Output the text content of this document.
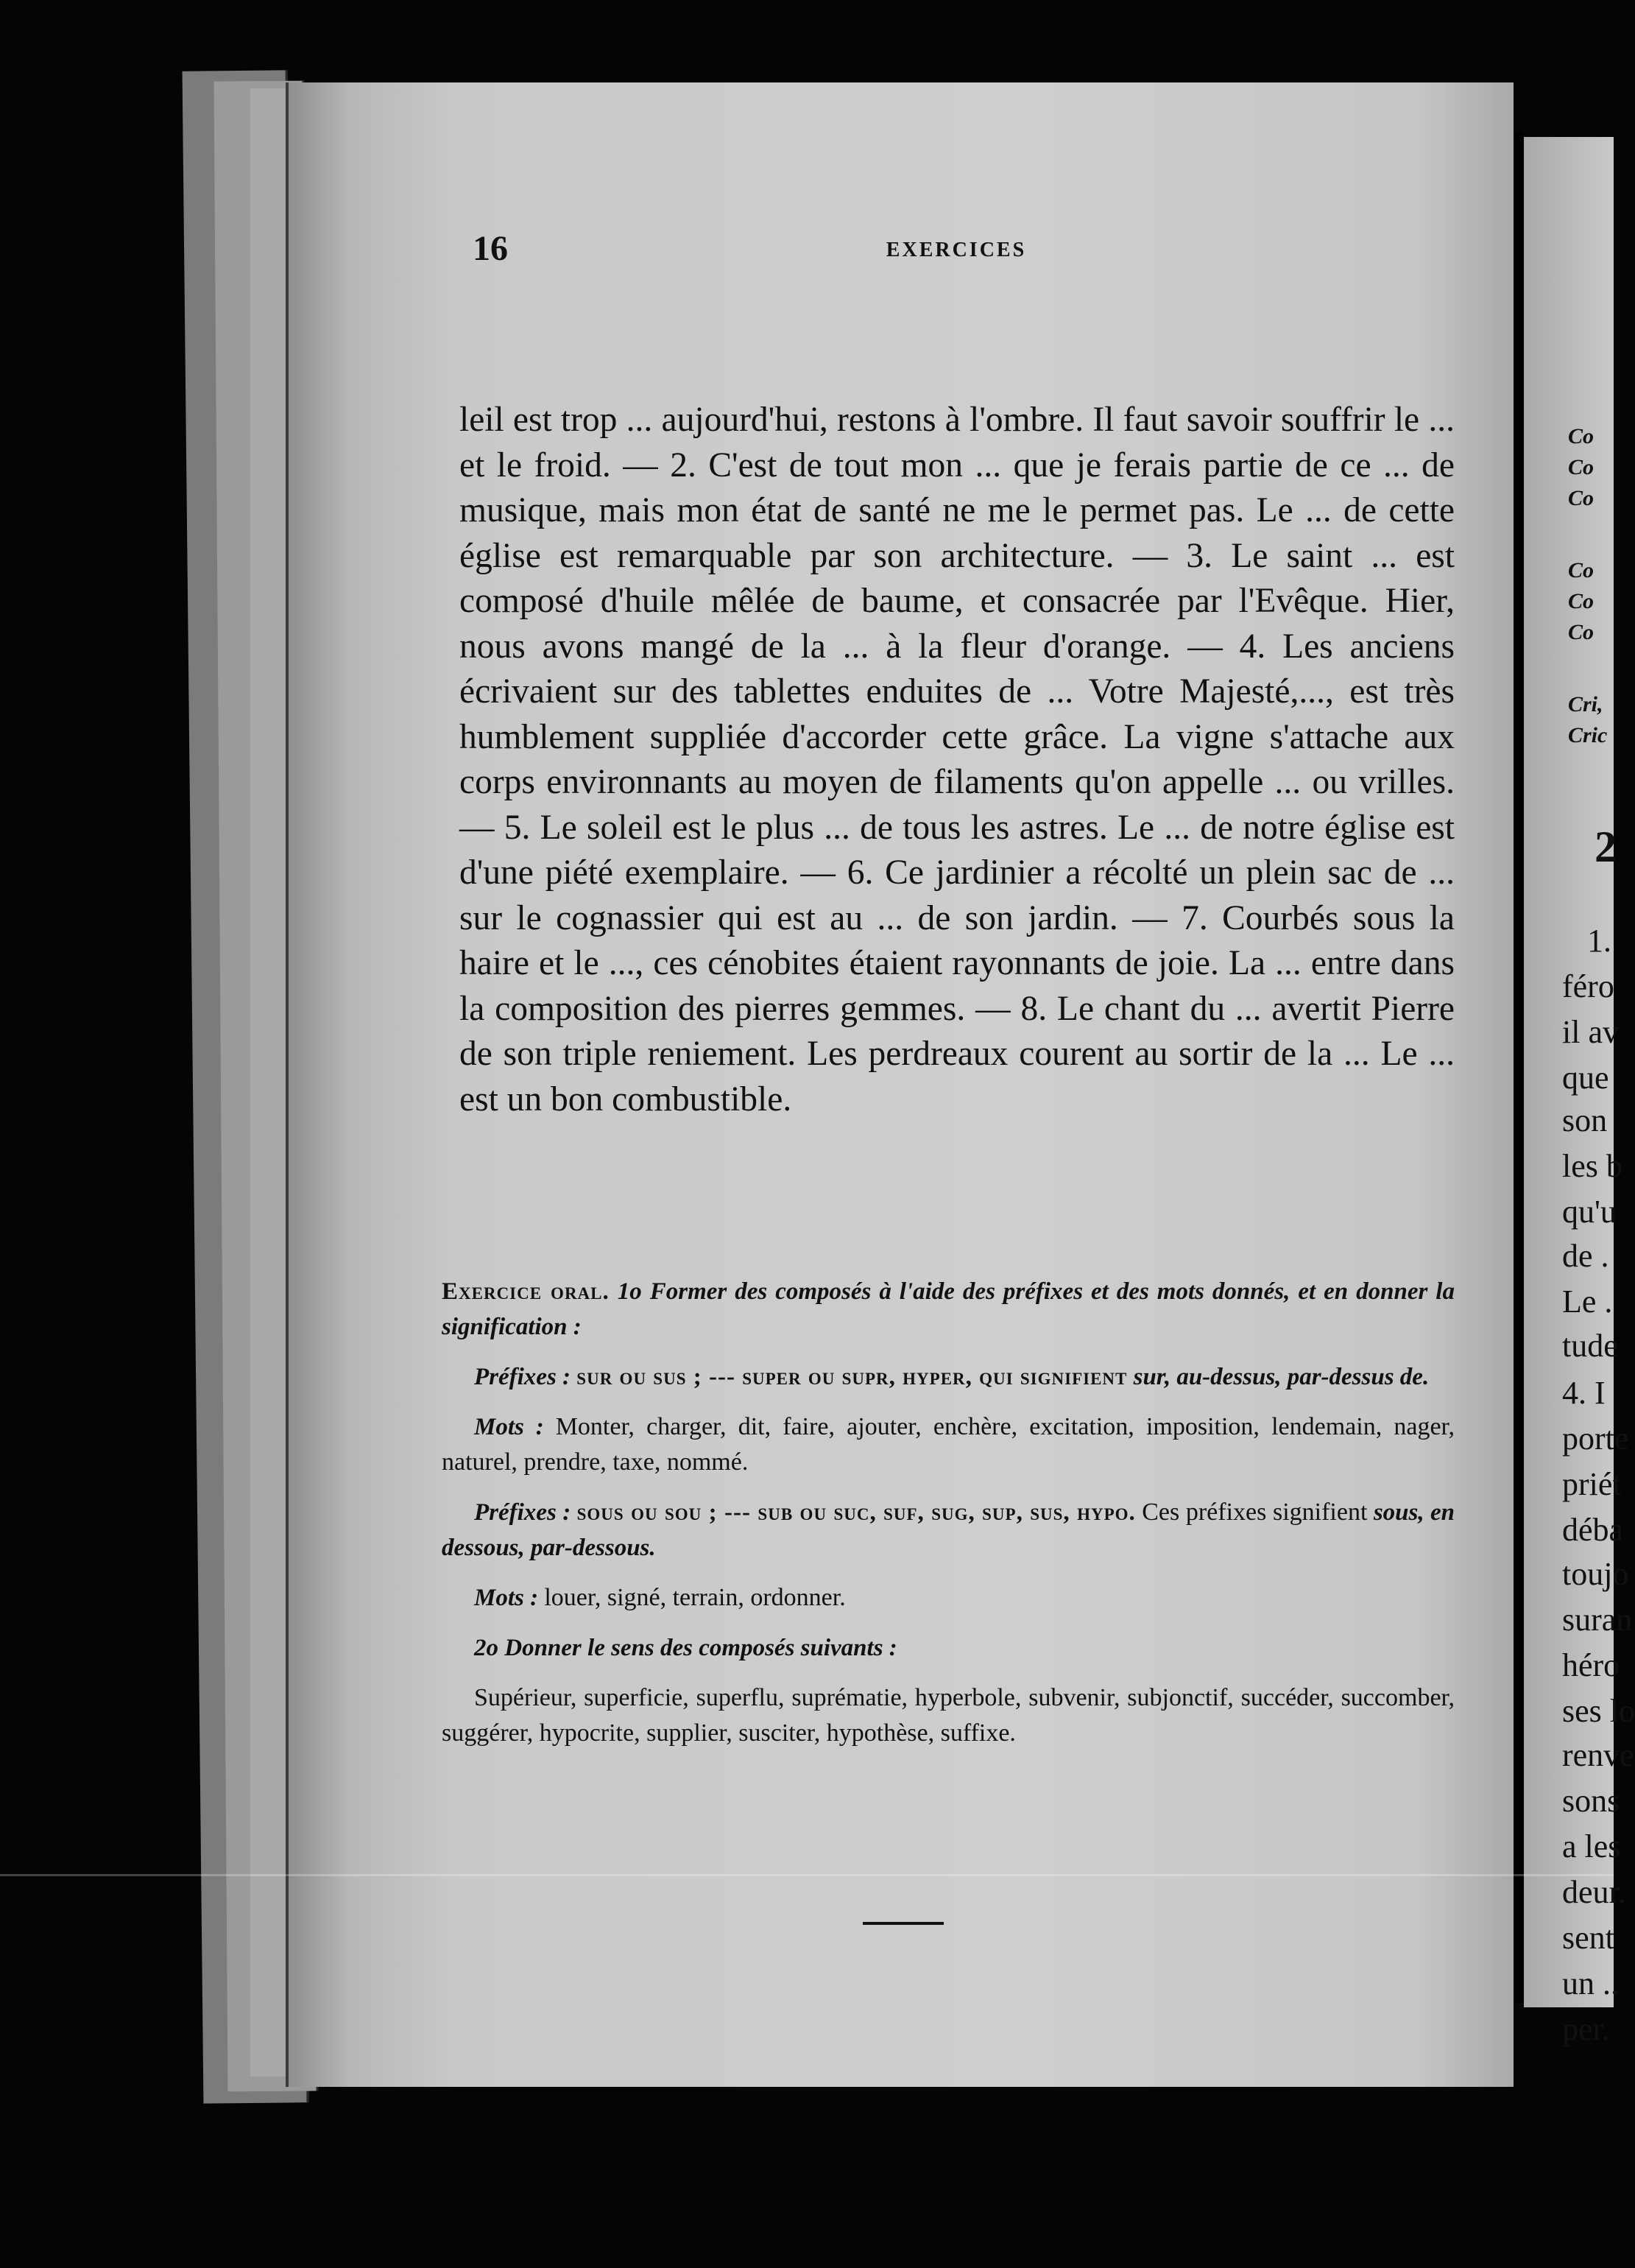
16	EXERCICES

leil est trop ... aujourd'hui, restons à l'ombre. Il faut savoir souffrir le ... et le froid. — 2. C'est de tout mon ... que je ferais partie de ce ... de musique, mais mon état de santé ne me le permet pas. Le ... de cette église est remarquable par son architecture. — 3. Le saint ... est composé d'huile mêlée de baume, et consacrée par l'Evêque. Hier, nous avons mangé de la ... à la fleur d'orange. — 4. Les anciens écrivaient sur des tablettes enduites de ... Votre Majesté,..., est très humblement suppliée d'accorder cette grâce. La vigne s'attache aux corps environnants au moyen de filaments qu'on appelle ... ou vrilles. — 5. Le soleil est le plus ... de tous les astres. Le ... de notre église est d'une piété exemplaire. — 6. Ce jardinier a récolté un plein sac de ... sur le cognassier qui est au ... de son jardin. — 7. Courbés sous la haire et le ..., ces cénobites étaient rayonnants de joie. La ... entre dans la composition des pierres gemmes. — 8. Le chant du ... avertit Pierre de son triple reniement. Les perdreaux courent au sortir de la ... Le ... est un bon combustible.

Exercice oral. 1o Former des composés à l'aide des préfixes et des mots donnés, et en donner la signification :

Préfixes : sur ou sus ; --- super ou supr, hyper, qui signifient sur, au-dessus, par-dessus de.

Mots : Monter, charger, dit, faire, ajouter, enchère, excitation, imposition, lendemain, nager, naturel, prendre, taxe, nommé.

Préfixes : sous ou sou ; --- sub ou suc, suf, sug, sup, sus, hypo. Ces préfixes signifient sous, en dessous, par-dessous.

Mots : louer, signé, terrain, ordonner.

2o Donner le sens des composés suivants :

Supérieur, superficie, superflu, suprématie, hyperbole, subvenir, subjonctif, succéder, succomber, suggérer, hypocrite, supplier, susciter, hypothèse, suffixe.

Co
Co
Co
Co
Co
Co
Cri,
Cric
2
1.
féro
il av
que
son
les b
qu'u
de .
Le .
tude
4. I
porte
priét
déba
toujo
suran
héro
ses lo
renve
sons
a les
deur.
sent
un ..
per.
